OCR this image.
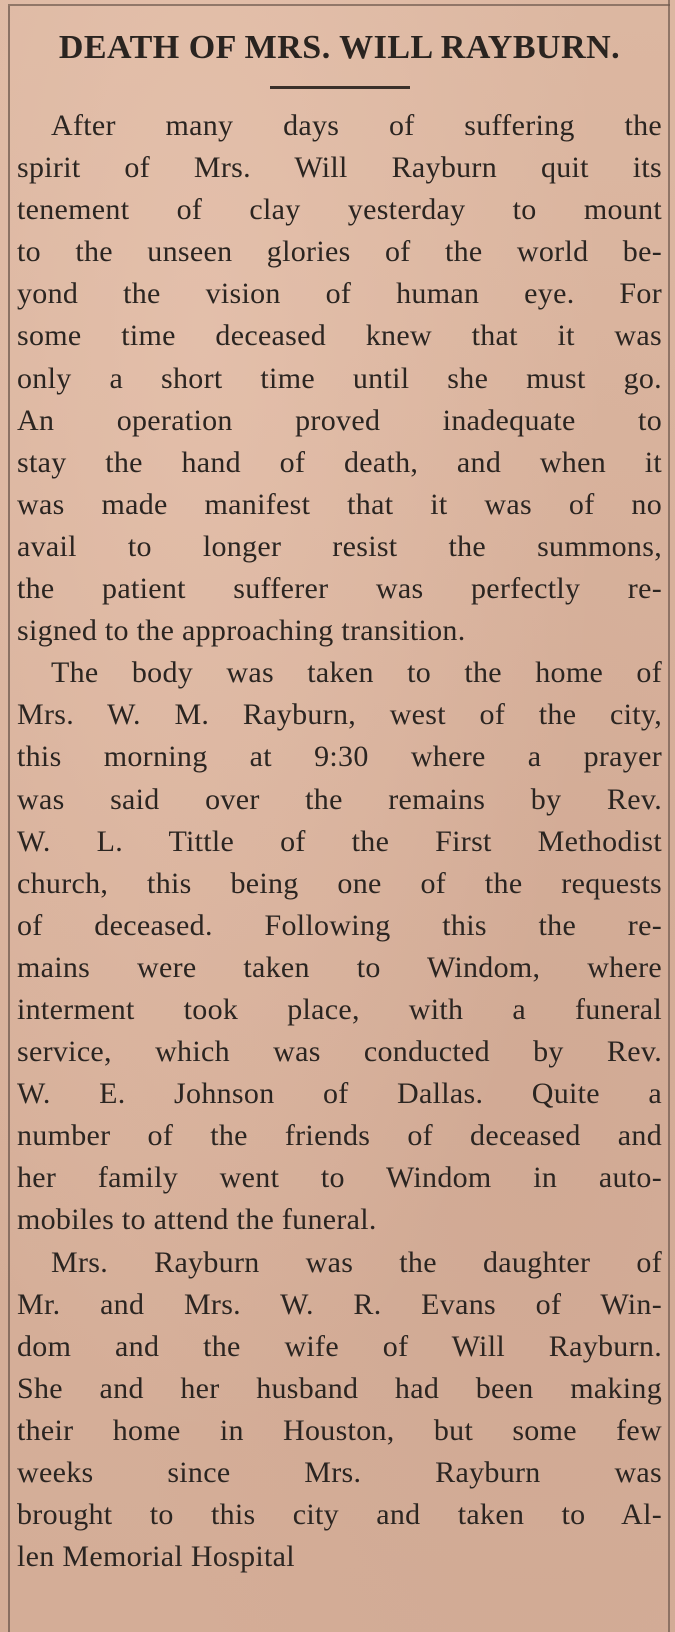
DEATH OF MRS. WILL RAYBURN.

After many days of suffering the
spirit of Mrs. Will Rayburn quit its
tenement of clay yesterday to mount
to the unseen glories of the world be-
yond the vision of human eye. For
some time deceased knew that it was
only a short time until she must go.
An operation proved inadequate to
stay the hand of death, and when it
was made manifest that it was of no
avail to longer resist the summons,
the patient sufferer was perfectly re-
signed to the approaching transition.

The body was taken to the home of
Mrs. W. M. Rayburn, west of the city,
this morning at 9:30 where a prayer
was said over the remains by Rev.
W. L. Tittle of the First Methodist
church, this being one of the requests
of deceased. Following this the re-
mains were taken to Windom, where
interment took place, with a funeral
service, which was conducted by Rev.
W. E. Johnson of Dallas. Quite a
number of the friends of deceased and
her family went to Windom in auto-
mobiles to attend the funeral.

Mrs. Rayburn was the daughter of
Mr. and Mrs. W. R. Evans of Win-
dom and the wife of Will Rayburn.
She and her husband had been making
their home in Houston, but some few
weeks since Mrs. Rayburn was
brought to this city and taken to Al-
len Memorial Hospital
